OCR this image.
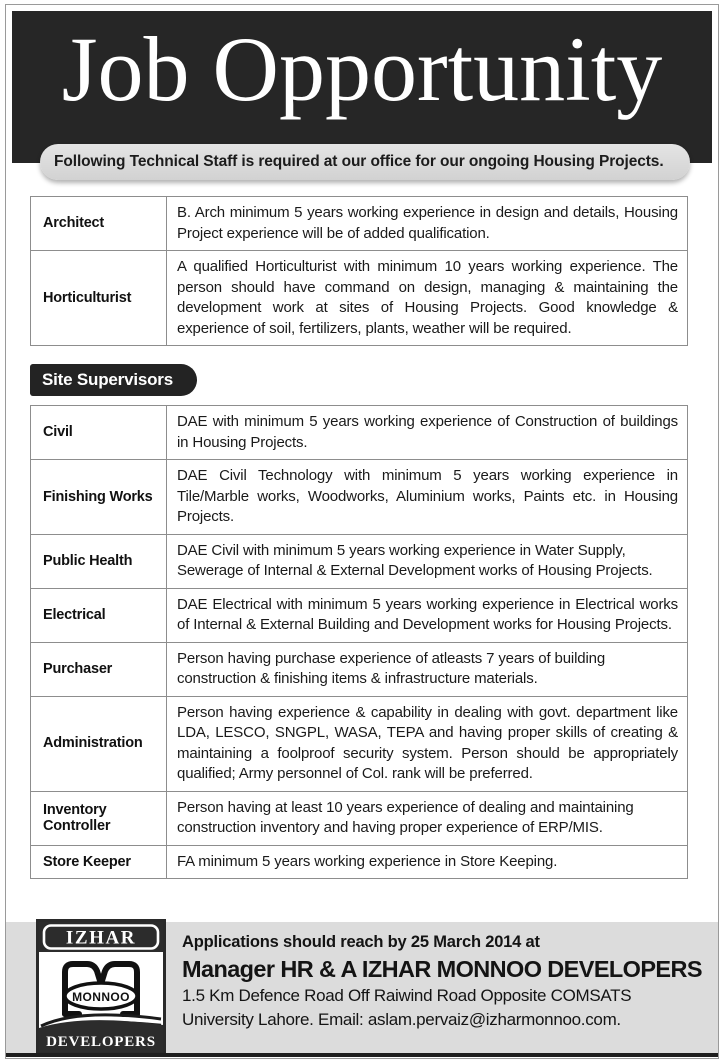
Job Opportunity
Following Technical Staff is required at our office for our ongoing Housing Projects.
Architect	B. Arch minimum 5 years working experience in design and details, Housing Project experience will be of added qualification.
Horticulturist	A qualified Horticulturist with minimum 10 years working experience. The person should have command on design, managing & maintaining the development work at sites of Housing Projects. Good knowledge & experience of soil, fertilizers, plants, weather will be required.
Site Supervisors
Civil	DAE with minimum 5 years working experience of Construction of buildings in Housing Projects.
Finishing Works	DAE Civil Technology with minimum 5 years working experience in Tile/Marble works, Woodworks, Aluminium works, Paints etc. in Housing Projects.
Public Health	DAE Civil with minimum 5 years working experience in Water Supply, Sewerage of Internal & External Development works of Housing Projects.
Electrical	DAE Electrical with minimum 5 years working experience in Electrical works of Internal & External Building and Development works for Housing Projects.
Purchaser	Person having purchase experience of atleasts 7 years of building construction & finishing items & infrastructure materials.
Administration	Person having experience & capability in dealing with govt. department like LDA, LESCO, SNGPL, WASA, TEPA and having proper skills of creating & maintaining a foolproof security system. Person should be appropriately qualified; Army personnel of Col. rank will be preferred.
Inventory Controller	Person having at least 10 years experience of dealing and maintaining construction inventory and having proper experience of ERP/MIS.
Store Keeper	FA minimum 5 years working experience in Store Keeping.
IZHAR
MONNOO
DEVELOPERS
Applications should reach by 25 March 2014 at
Manager HR & A IZHAR MONNOO DEVELOPERS
1.5 Km Defence Road Off Raiwind Road Opposite COMSATS
University Lahore. Email: aslam.pervaiz@izharmonnoo.com.
